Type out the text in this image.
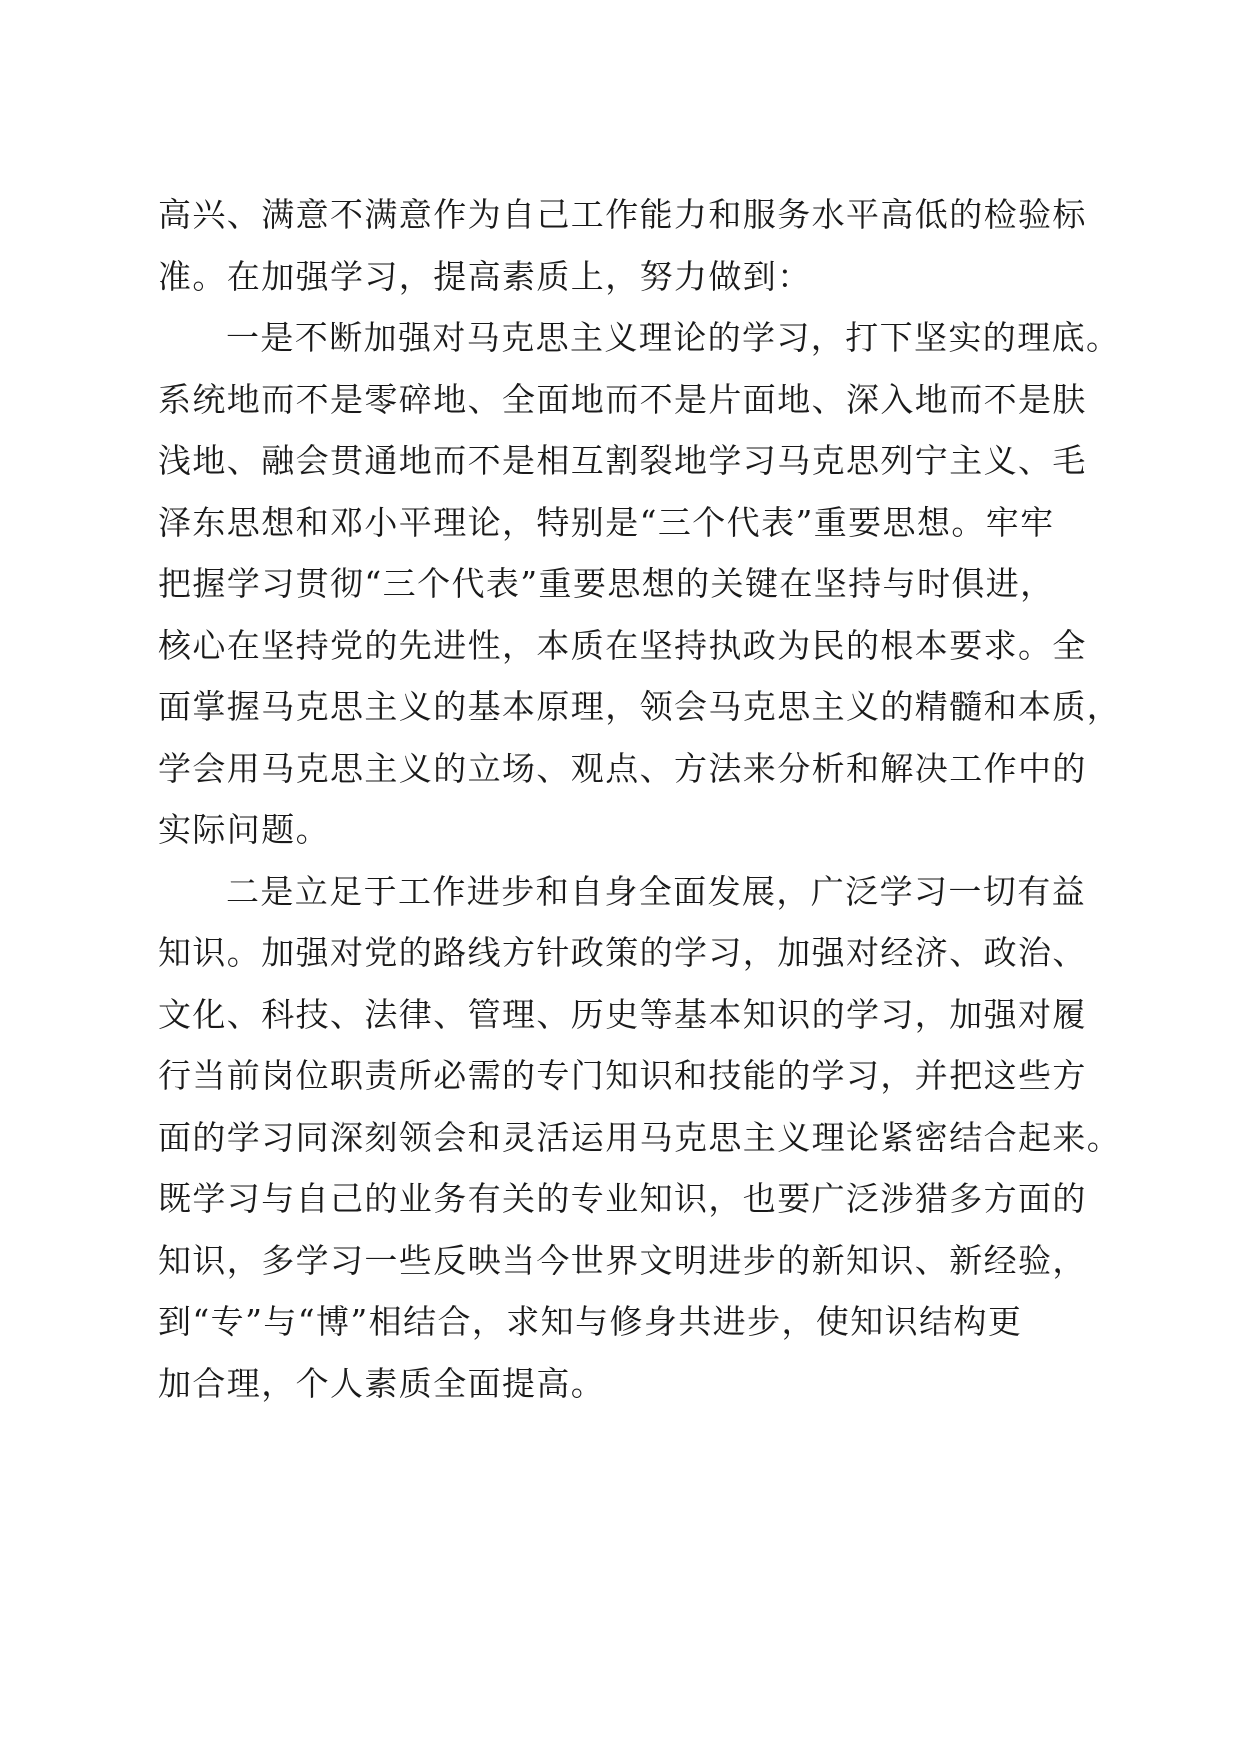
高兴、满意不满意作为自己工作能力和服务水平高低的检验标
准。在加强学习，提高素质上，努力做到：
一是不断加强对马克思主义理论的学习，打下坚实的理底。
系统地而不是零碎地、全面地而不是片面地、深入地而不是肤
浅地、融会贯通地而不是相互割裂地学习马克思列宁主义、毛
泽东思想和邓小平理论，特别是“三个代表”重要思想。牢牢
把握学习贯彻“三个代表”重要思想的关键在坚持与时俱进，
核心在坚持党的先进性，本质在坚持执政为民的根本要求。全
面掌握马克思主义的基本原理，领会马克思主义的精髓和本质，
学会用马克思主义的立场、观点、方法来分析和解决工作中的
实际问题。
二是立足于工作进步和自身全面发展，广泛学习一切有益
知识。加强对党的路线方针政策的学习，加强对经济、政治、
文化、科技、法律、管理、历史等基本知识的学习，加强对履
行当前岗位职责所必需的专门知识和技能的学习，并把这些方
面的学习同深刻领会和灵活运用马克思主义理论紧密结合起来。
既学习与自己的业务有关的专业知识，也要广泛涉猎多方面的
知识，多学习一些反映当今世界文明进步的新知识、新经验，
到“专”与“博”相结合，求知与修身共进步，使知识结构更
加合理，个人素质全面提高。
